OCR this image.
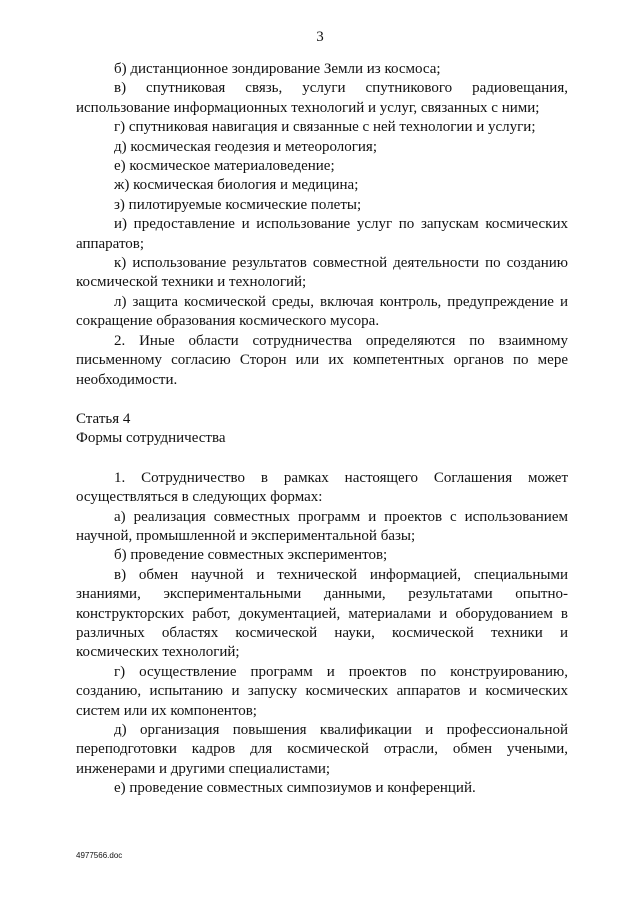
3

б) дистанционное зондирование Земли из космоса;

в) спутниковая связь, услуги спутникового радиовещания, использование информационных технологий и услуг, связанных с ними;

г) спутниковая навигация и связанные с ней технологии и услуги;

д) космическая геодезия и метеорология;

е) космическое материаловедение;

ж) космическая биология и медицина;

з) пилотируемые космические полеты;

и) предоставление и использование услуг по запускам космических аппаратов;

к) использование результатов совместной деятельности по созданию космической техники и технологий;

л) защита космической среды, включая контроль, предупреждение и сокращение образования космического мусора.

2. Иные области сотрудничества определяются по взаимному письменному согласию Сторон или их компетентных органов по мере необходимости.

Статья 4

Формы сотрудничества

1. Сотрудничество в рамках настоящего Соглашения может осуществляться в следующих формах:

а) реализация совместных программ и проектов с использованием научной, промышленной и экспериментальной базы;

б) проведение совместных экспериментов;

в) обмен научной и технической информацией, специальными знаниями, экспериментальными данными, результатами опытно-конструкторских работ, документацией, материалами и оборудованием в различных областях космической науки, космической техники и космических технологий;

г) осуществление программ и проектов по конструированию, созданию, испытанию и запуску космических аппаратов и космических систем или их компонентов;

д) организация повышения квалификации и профессиональной переподготовки кадров для космической отрасли, обмен учеными, инженерами и другими специалистами;

е) проведение совместных симпозиумов и конференций.

4977566.doc
